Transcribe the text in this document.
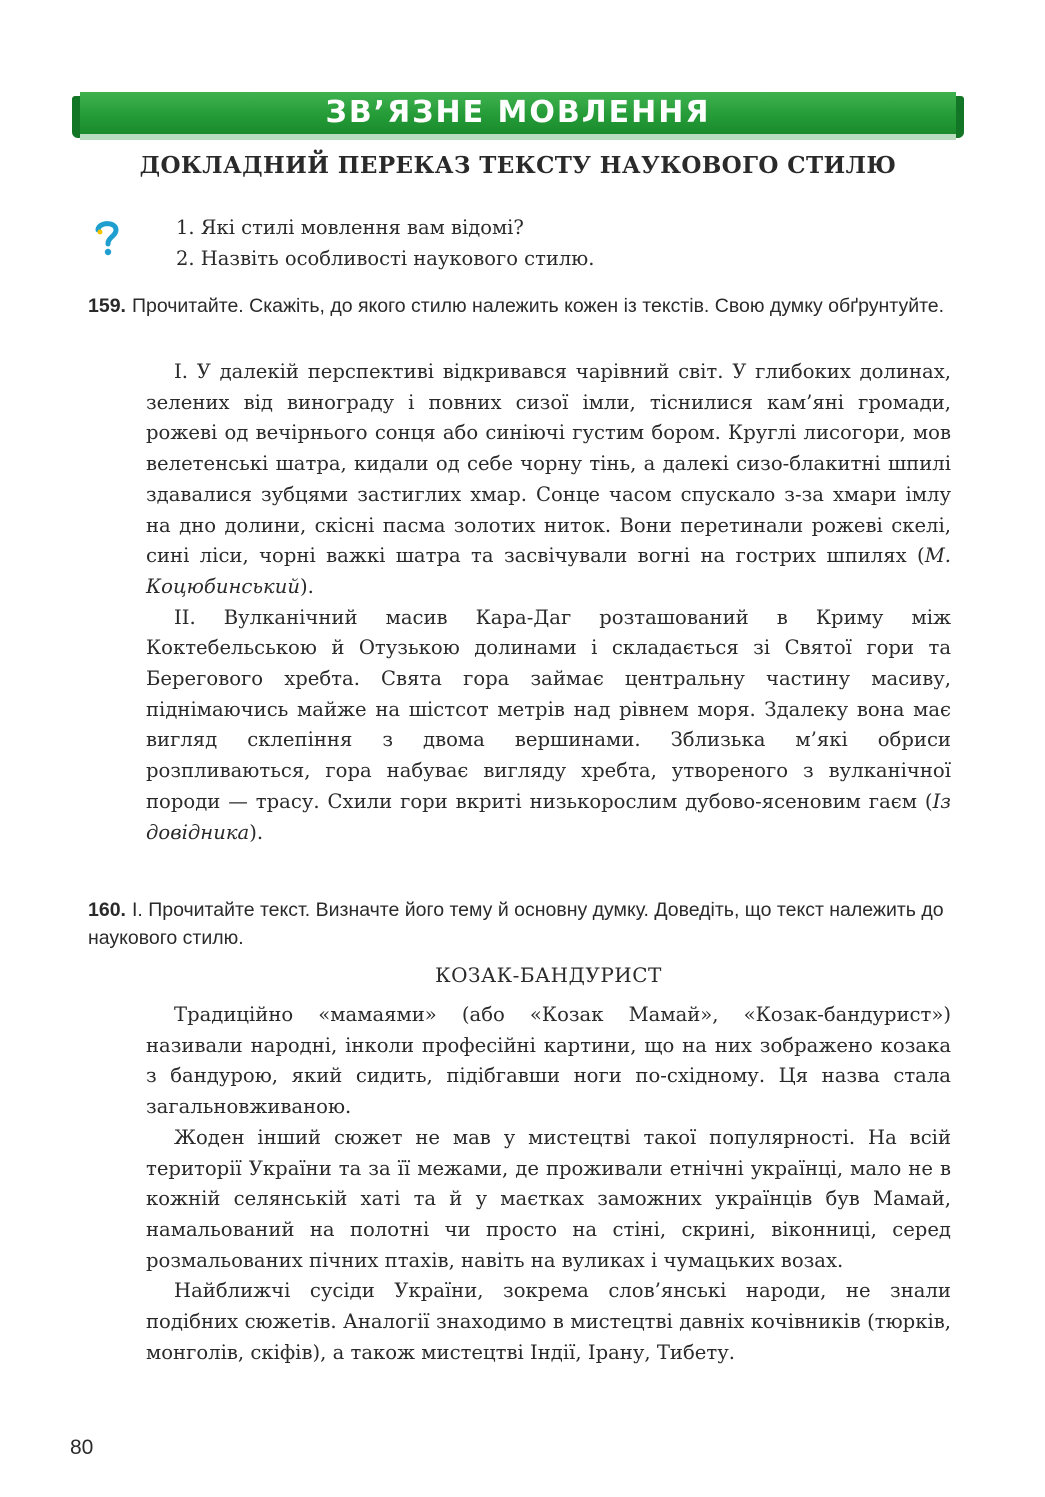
ЗВ’ЯЗНЕ МОВЛЕННЯ
ДОКЛАДНИЙ ПЕРЕКАЗ ТЕКСТУ НАУКОВОГО СТИЛЮ
1. Які стилі мовлення вам відомі?
2. Назвіть особливості наукового стилю.
159. Прочитайте. Скажіть, до якого стилю належить кожен із текстів. Свою думку обґрунтуйте.

І. У далекій перспективі відкривався чарівний світ. У глибоких долинах, зелених від винограду і повних сизої імли, тіснилися кам’яні громади, рожеві од вечірнього сонця або синіючі густим бором. Круглі лисогори, мов велетенські шатра, кидали од себе чорну тінь, а далекі сизо-блакитні шпилі здавалися зубцями застиглих хмар. Сонце часом спускало з-за хмари імлу на дно долини, скісні пасма золотих ниток. Вони перетинали рожеві скелі, сині ліси, чорні важкі шатра та засвічували вогні на гострих шпилях (М. Коцюбинський).

ІІ. Вулканічний масив Кара-Даг розташований в Криму між Коктебельською й Отузькою долинами і складається зі Святої гори та Берегового хребта. Свята гора займає центральну частину масиву, піднімаючись майже на шістсот метрів над рівнем моря. Здалеку вона має вигляд склепіння з двома вершинами. Зблизька м’які обриси розпливаються, гора набуває вигляду хребта, утвореного з вулканічної породи — трасу. Схили гори вкриті низькорослим дубово-ясеновим гаєм (Із довідника).

160. І. Прочитайте текст. Визначте його тему й основну думку. Доведіть, що текст належить до наукового стилю.
КОЗАК-БАНДУРИСТ

Традиційно «мамаями» (або «Козак Мамай», «Козак-бандурист») називали народні, інколи професійні картини, що на них зображено козака з бандурою, який сидить, підібгавши ноги по-східному. Ця назва стала загальновживаною.

Жоден інший сюжет не мав у мистецтві такої популярності. На всій території України та за її межами, де проживали етнічні українці, мало не в кожній селянській хаті та й у маєтках заможних українців був Мамай, намальований на полотні чи просто на стіні, скрині, віконниці, серед розмальованих пічних птахів, навіть на вуликах і чумацьких возах.

Найближчі сусіди України, зокрема слов’янські народи, не знали подібних сюжетів. Аналогії знаходимо в мистецтві давніх кочівників (тюрків, монголів, скіфів), а також мистецтві Індії, Ірану, Тибету.

80
